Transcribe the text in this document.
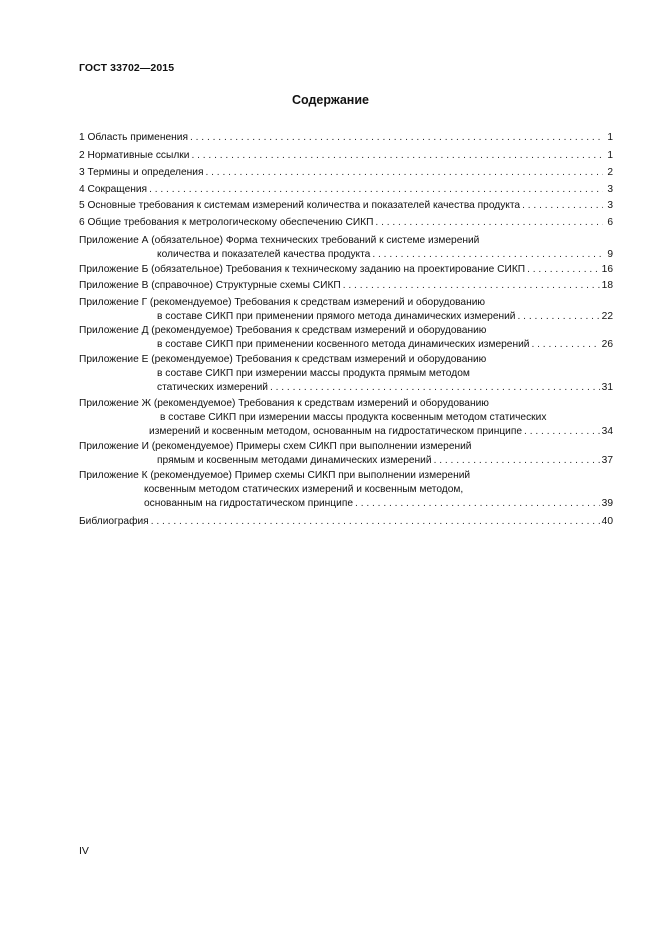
ГОСТ 33702—2015
Содержание
1 Область применения . . .	1
2 Нормативные ссылки . . .	1
3 Термины и определения . . .	2
4 Сокращения . . .	3
5 Основные требования к системам измерений количества и показателей качества продукта . . .	3
6 Общие требования к метрологическому обеспечению СИКП . . .	6
Приложение А (обязательное) Форма технических требований к системе измерений
количества и показателей качества продукта . . .	9
Приложение Б (обязательное) Требования к техническому заданию на проектирование СИКП . . .	16
Приложение В (справочное) Структурные схемы СИКП . . .	18
Приложение Г (рекомендуемое) Требования к средствам измерений и оборудованию
в составе СИКП при применении прямого метода динамических измерений . . .	22
Приложение Д (рекомендуемое) Требования к средствам измерений и оборудованию
в составе СИКП при применении косвенного метода динамических измерений . . .	26
Приложение Е (рекомендуемое) Требования к средствам измерений и оборудованию
в составе СИКП при измерении массы продукта прямым методом
статических измерений . . .	31
Приложение Ж (рекомендуемое) Требования к средствам измерений и оборудованию
в составе СИКП при измерении массы продукта косвенным методом статических
измерений и косвенным методом, основанным на гидростатическом принципе . . .	34
Приложение И (рекомендуемое) Примеры схем СИКП при выполнении измерений
прямым и косвенным методами динамических измерений . . .	37
Приложение К (рекомендуемое) Пример схемы СИКП при выполнении измерений
косвенным методом статических измерений и косвенным методом,
основанным на гидростатическом принципе . . .	39
Библиография . . .	40
IV
